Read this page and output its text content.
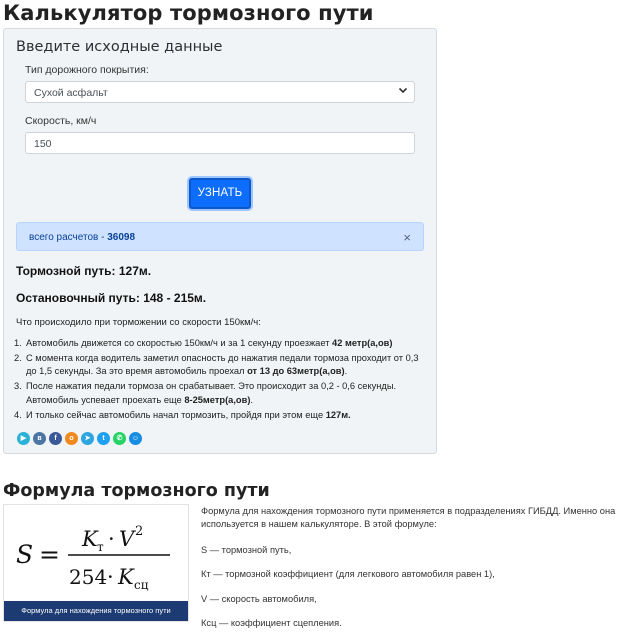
Калькулятор тормозного пути
Введите исходные данные
Тип дорожного покрытия:
Сухой асфальт
Скорость, км/ч
150
УЗНАТЬ
всего расчетов - 36098	×
Тормозной путь: 127м.
Остановочный путь: 148 - 215м.
Что происходило при торможении со скорости 150км/ч:
1. Автомобиль движется со скоростью 150км/ч и за 1 секунду проезжает 42 метр(а,ов)
2. С момента когда водитель заметил опасность до нажатия педали тормоза проходит от 0,3 до 1,5 секунды. За это время автомобиль проехал от 13 до 63метр(а,ов).
3. После нажатия педали тормоза он срабатывает. Это происходит за 0,2 - 0,6 секунды. Автомобиль успевает проехать еще 8-25метр(а,ов).
4. И только сейчас автомобиль начал тормозить, пройдя при этом еще 127м.
▶	в	f	о	➤	t	✆	☺
Формула тормозного пути
S =
K т · V 2
254 · K сц
Формула для нахождения тормозного пути

Формула для нахождения тормозного пути применяется в подразделениях ГИБДД. Именно она используется в нашем калькуляторе. В этой формуле:

S — тормозной путь,

Кт — тормозной коэффициент (для легкового автомобиля равен 1),

V — скорость автомобиля,

Ксц — коэффициент сцепления.
